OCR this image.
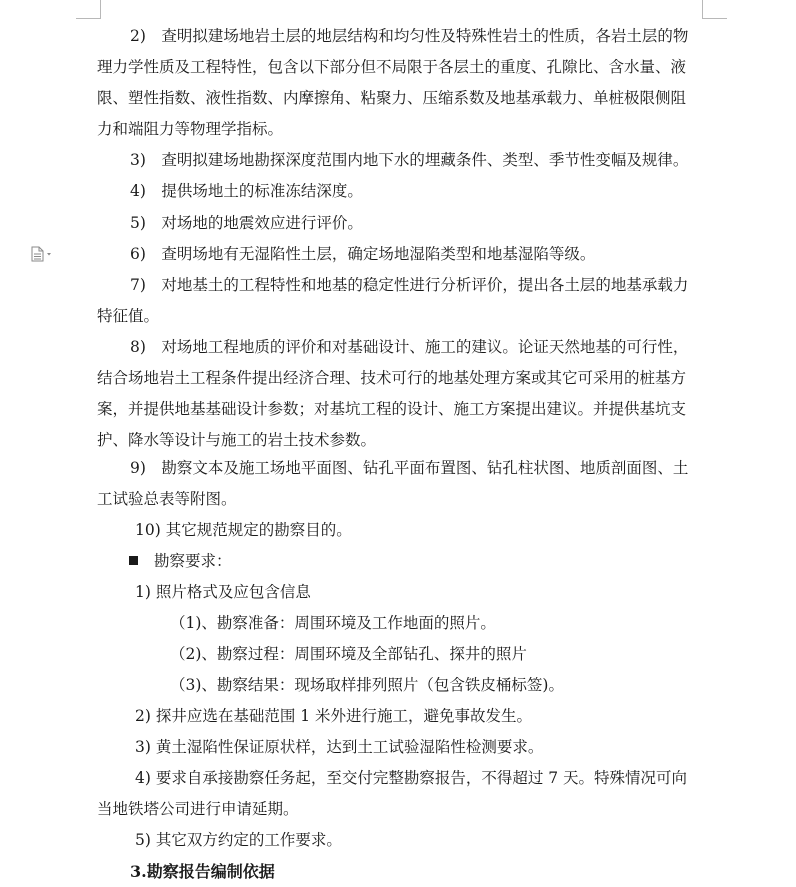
2)　查明拟建场地岩土层的地层结构和均匀性及特殊性岩土的性质，各岩土层的物
理力学性质及工程特性，包含以下部分但不局限于各层土的重度、孔隙比、含水量、液
限、塑性指数、液性指数、内摩擦角、粘聚力、压缩系数及地基承载力、单桩极限侧阻
力和端阻力等物理学指标。
3)　查明拟建场地勘探深度范围内地下水的埋藏条件、类型、季节性变幅及规律。
4)　提供场地土的标准冻结深度。
5)　对场地的地震效应进行评价。
6)　查明场地有无湿陷性土层，确定场地湿陷类型和地基湿陷等级。
7)　对地基土的工程特性和地基的稳定性进行分析评价，提出各土层的地基承载力
特征值。
8)　对场地工程地质的评价和对基础设计、施工的建议。论证天然地基的可行性，
结合场地岩土工程条件提出经济合理、技术可行的地基处理方案或其它可采用的桩基方
案，并提供地基基础设计参数；对基坑工程的设计、施工方案提出建议。并提供基坑支
护、降水等设计与施工的岩土技术参数。
9)　勘察文本及施工场地平面图、钻孔平面布置图、钻孔柱状图、地质剖面图、土
工试验总表等附图。
10) 其它规范规定的勘察目的。
勘察要求：
1) 照片格式及应包含信息
（1)、勘察准备：周围环境及工作地面的照片。
（2)、勘察过程：周围环境及全部钻孔、探井的照片
（3)、勘察结果：现场取样排列照片（包含铁皮桶标签)。
2) 探井应选在基础范围 1 米外进行施工，避免事故发生。
3) 黄土湿陷性保证原状样，达到土工试验湿陷性检测要求。
4) 要求自承接勘察任务起，至交付完整勘察报告，不得超过 7 天。特殊情况可向
当地铁塔公司进行申请延期。
5) 其它双方约定的工作要求。
3.勘察报告编制依据
